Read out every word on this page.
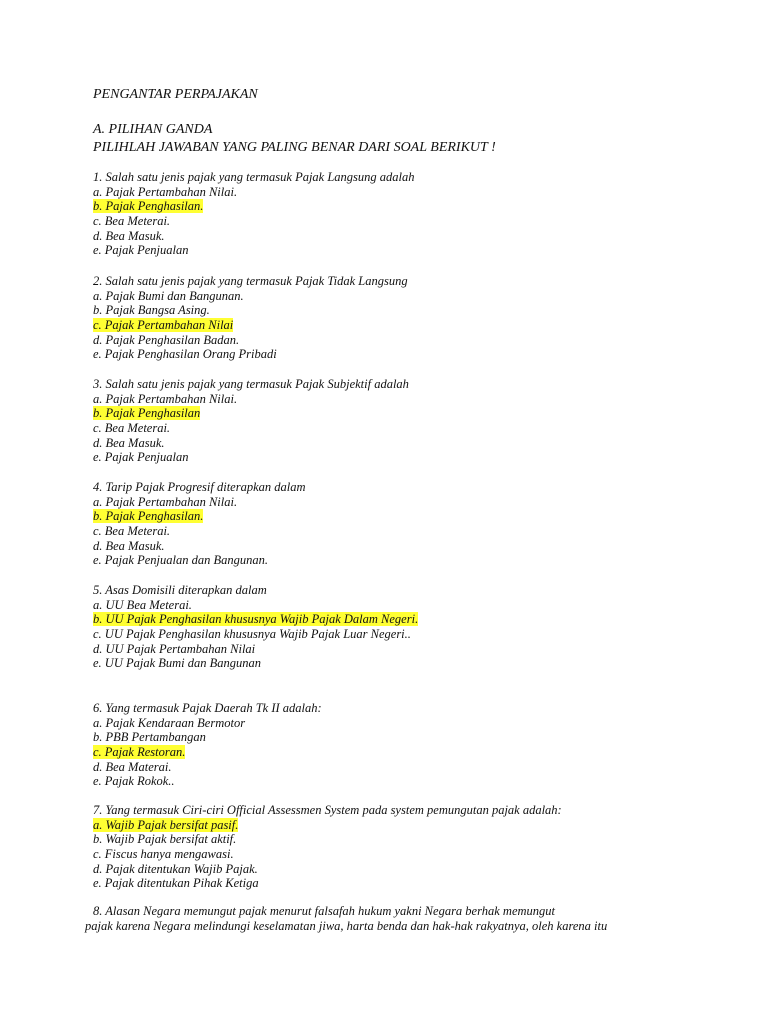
PENGANTAR PERPAJAKAN
A. PILIHAN GANDA
PILIHLAH JAWABAN YANG PALING BENAR DARI SOAL BERIKUT !
1. Salah satu jenis pajak yang termasuk Pajak Langsung adalah
a. Pajak Pertambahan Nilai.
b. Pajak Penghasilan.
c. Bea Meterai.
d. Bea Masuk.
e. Pajak Penjualan
2. Salah satu jenis pajak yang termasuk Pajak Tidak Langsung
a. Pajak Bumi dan Bangunan.
b. Pajak Bangsa Asing.
c. Pajak Pertambahan Nilai
d. Pajak Penghasilan Badan.
e. Pajak Penghasilan Orang Pribadi
3. Salah satu jenis pajak yang termasuk Pajak Subjektif adalah
a. Pajak Pertambahan Nilai.
b. Pajak Penghasilan
c. Bea Meterai.
d. Bea Masuk.
e. Pajak Penjualan
4. Tarip Pajak Progresif diterapkan dalam
a. Pajak Pertambahan Nilai.
b. Pajak Penghasilan.
c. Bea Meterai.
d. Bea Masuk.
e. Pajak Penjualan dan Bangunan.
5. Asas Domisili diterapkan dalam
a. UU Bea Meterai.
b. UU Pajak Penghasilan khususnya Wajib Pajak Dalam Negeri.
c. UU Pajak Penghasilan khususnya Wajib Pajak Luar Negeri..
d. UU Pajak Pertambahan Nilai
e. UU Pajak Bumi dan Bangunan
6. Yang termasuk Pajak Daerah Tk II adalah:
a. Pajak Kendaraan Bermotor
b. PBB Pertambangan
c. Pajak Restoran.
d. Bea Materai.
e. Pajak Rokok..
7. Yang termasuk Ciri-ciri Official Assessmen System pada system pemungutan pajak adalah:
a. Wajib Pajak bersifat pasif.
b. Wajib Pajak bersifat aktif.
c. Fiscus hanya mengawasi.
d. Pajak ditentukan Wajib Pajak.
e. Pajak ditentukan Pihak Ketiga
8. Alasan Negara memungut pajak menurut falsafah hukum yakni Negara berhak memungut
pajak karena Negara melindungi keselamatan jiwa, harta benda dan hak-hak rakyatnya, oleh karena itu
